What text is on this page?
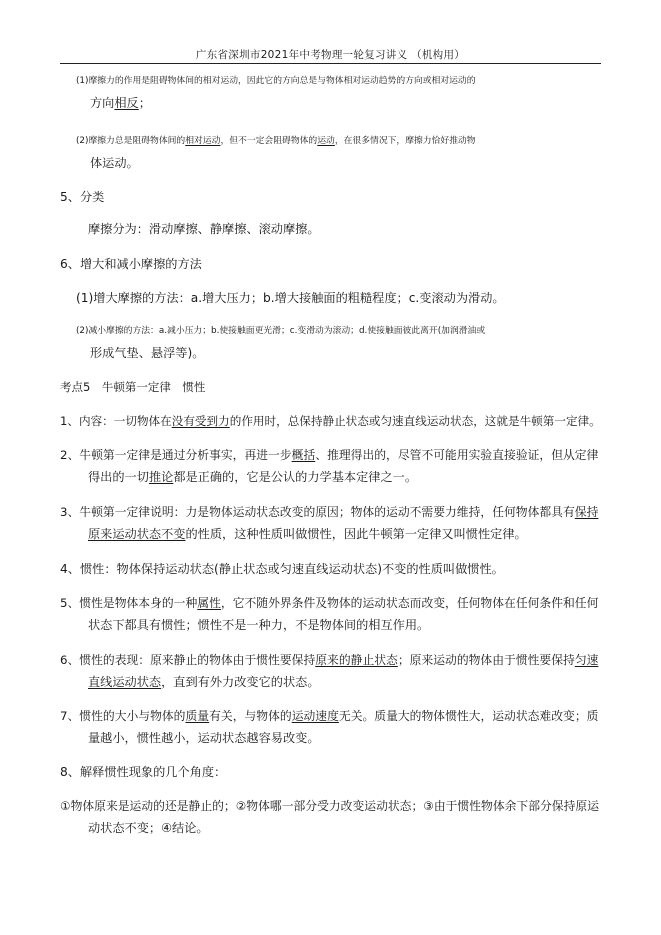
广东省深圳市2021年中考物理一轮复习讲义 （机构用）
(1)摩擦力的作用是阻碍物体间的相对运动，因此它的方向总是与物体相对运动趋势的方向或相对运动的
方向相反；
(2)摩擦力总是阻碍物体间的相对运动，但不一定会阻碍物体的运动，在很多情况下，摩擦力恰好推动物
体运动。
5、分类
摩擦分为：滑动摩擦、静摩擦、滚动摩擦。
6、增大和减小摩擦的方法
(1)增大摩擦的方法：a.增大压力；b.增大接触面的粗糙程度；c.变滚动为滑动。
(2)减小摩擦的方法：a.减小压力；b.使接触面更光滑；c.变滑动为滚动；d.使接触面彼此离开(加润滑油或
形成气垫、悬浮等)。
考点5　牛顿第一定律　惯性
1、内容：一切物体在没有受到力的作用时，总保持静止状态或匀速直线运动状态，这就是牛顿第一定律。
2、牛顿第一定律是通过分析事实，再进一步概括、推理得出的，尽管不可能用实验直接验证，但从定律
得出的一切推论都是正确的，它是公认的力学基本定律之一。
3、牛顿第一定律说明：力是物体运动状态改变的原因；物体的运动不需要力维持，任何物体都具有保持
原来运动状态不变的性质，这种性质叫做惯性，因此牛顿第一定律又叫惯性定律。
4、惯性：物体保持运动状态(静止状态或匀速直线运动状态)不变的性质叫做惯性。
5、惯性是物体本身的一种属性，它不随外界条件及物体的运动状态而改变，任何物体在任何条件和任何
状态下都具有惯性；惯性不是一种力，不是物体间的相互作用。
6、惯性的表现：原来静止的物体由于惯性要保持原来的静止状态；原来运动的物体由于惯性要保持匀速
直线运动状态，直到有外力改变它的状态。
7、惯性的大小与物体的质量有关，与物体的运动速度无关。质量大的物体惯性大，运动状态难改变；质
量越小，惯性越小，运动状态越容易改变。
8、解释惯性现象的几个角度：
①物体原来是运动的还是静止的；②物体哪一部分受力改变运动状态；③由于惯性物体余下部分保持原运
动状态不变；④结论。
